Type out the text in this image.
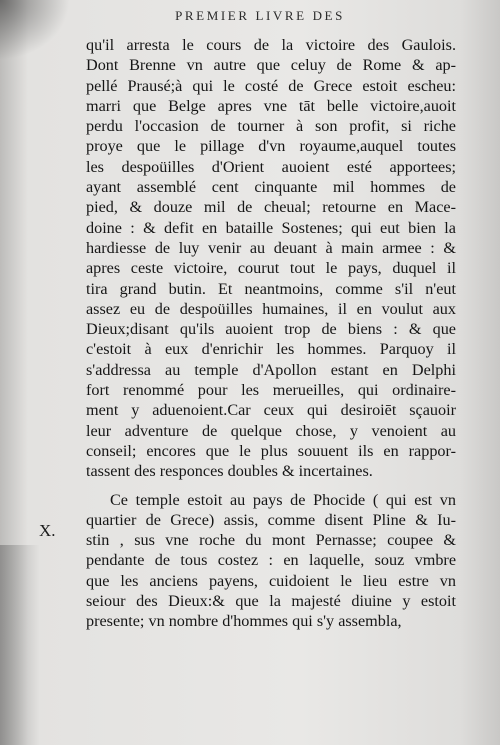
PREMIER LIVRE DES
X.
qu'il arresta le cours de la victoire des Gaulois.
Dont Brenne vn autre que celuy de Rome & ap-
pellé Prausé;à qui le costé de Grece estoit escheu:
marri que Belge apres vne tāt belle victoire,auoit
perdu l'occasion de tourner à son profit, si riche
proye que le pillage d'vn royaume,auquel toutes
les despoüilles d'Orient auoient esté apportees;
ayant assemblé cent cinquante mil hommes de
pied, & douze mil de cheual; retourne en Mace-
doine : & defit en bataille Sostenes; qui eut bien la
hardiesse de luy venir au deuant à main armee : &
apres ceste victoire, courut tout le pays, duquel il
tira grand butin. Et neantmoins, comme s'il n'eut
assez eu de despoüilles humaines, il en voulut aux
Dieux;disant qu'ils auoient trop de biens : & que
c'estoit à eux d'enrichir les hommes. Parquoy il
s'addressa au temple d'Apollon estant en Delphi
fort renommé pour les merueilles, qui ordinaire-
ment y aduenoient.Car ceux qui desiroiēt sçauoir
leur adventure de quelque chose, y venoient au
conseil; encores que le plus souuent ils en rappor-
tassent des responces doubles & incertaines.
Ce temple estoit au pays de Phocide ( qui est vn
quartier de Grece) assis, comme disent Pline & Iu-
stin , sus vne roche du mont Pernasse; coupee &
pendante de tous costez : en laquelle, souz vmbre
que les anciens payens, cuidoient le lieu estre vn
seiour des Dieux:& que la majesté diuine y estoit
presente; vn nombre d'hommes qui s'y assembla,
